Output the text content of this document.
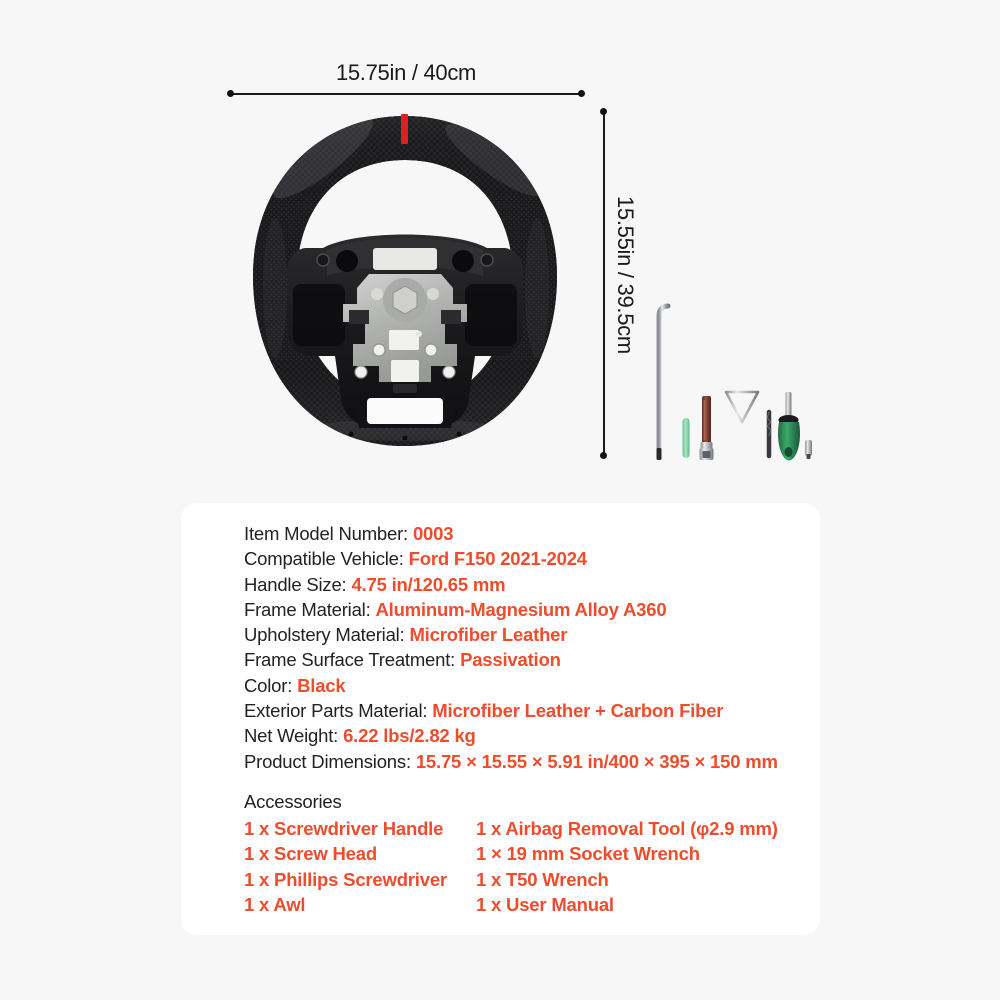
15.75in / 40cm
15.55in / 39.5cm
Item Model Number: 0003
Compatible Vehicle: Ford F150 2021-2024
Handle Size: 4.75 in/120.65 mm
Frame Material: Aluminum-Magnesium Alloy A360
Upholstery Material: Microfiber Leather
Frame Surface Treatment: Passivation
Color: Black
Exterior Parts Material: Microfiber Leather + Carbon Fiber
Net Weight: 6.22 lbs/2.82 kg
Product Dimensions: 15.75 × 15.55 × 5.91 in/400 × 395 × 150 mm
Accessories
1 x Screwdriver Handle
1 x Screw Head
1 x Phillips Screwdriver
1 x Awl
1 x Airbag Removal Tool (φ2.9 mm)
1 × 19 mm Socket Wrench
1 x T50 Wrench
1 x User Manual
